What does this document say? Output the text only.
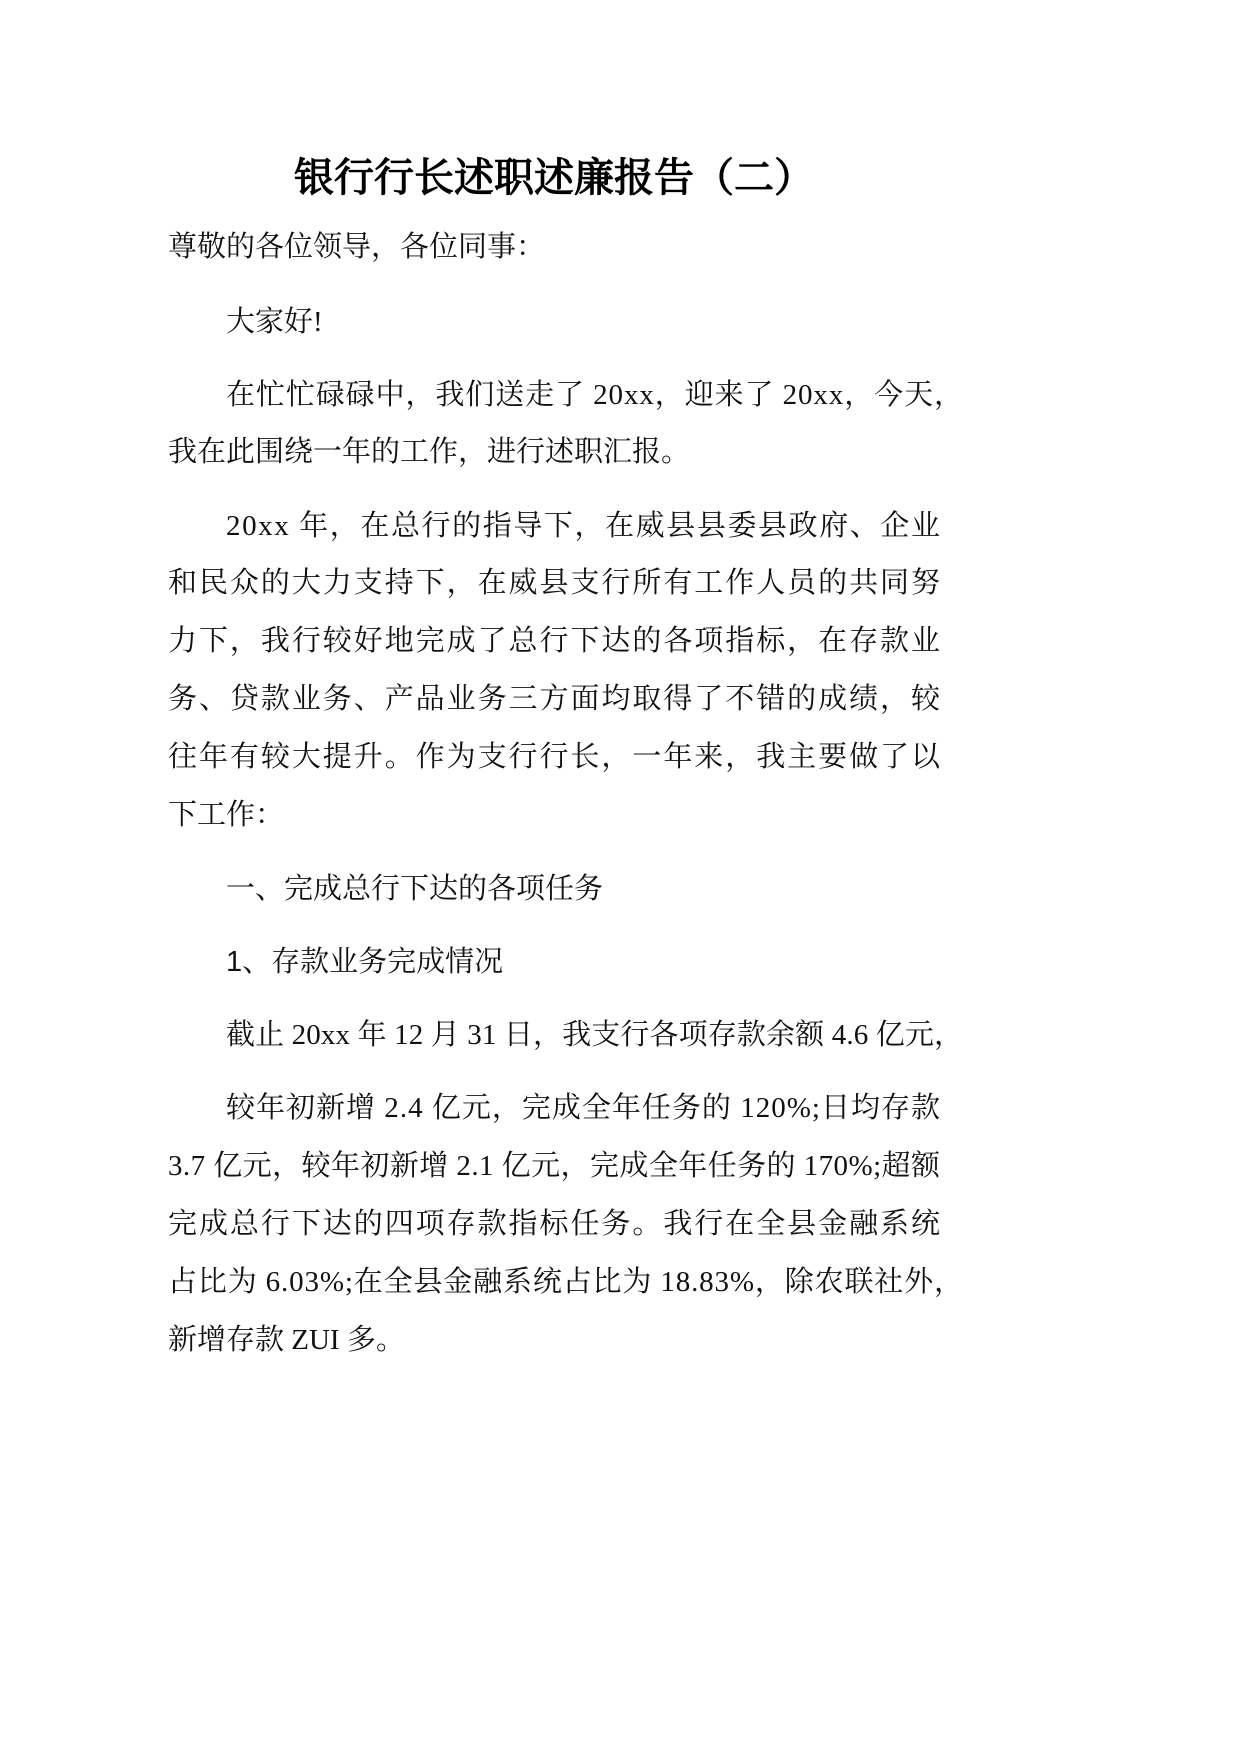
银行行长述职述廉报告（二）
尊敬的各位领导，各位同事：
大家好!
在忙忙碌碌中，我们送走了 20xx，迎来了 20xx，今天，
我在此围绕一年的工作，进行述职汇报。
20xx 年，在总行的指导下，在威县县委县政府、企业
和民众的大力支持下，在威县支行所有工作人员的共同努
力下，我行较好地完成了总行下达的各项指标，在存款业
务、贷款业务、产品业务三方面均取得了不错的成绩，较
往年有较大提升。作为支行行长，一年来，我主要做了以
下工作：
一、完成总行下达的各项任务
1、存款业务完成情况
截止 20xx 年 12 月 31 日，我支行各项存款余额 4.6 亿元，
较年初新增 2.4 亿元，完成全年任务的 120%;日均存款
3.7 亿元，较年初新增 2.1 亿元，完成全年任务的 170%;超额
完成总行下达的四项存款指标任务。我行在全县金融系统
占比为 6.03%;在全县金融系统占比为 18.83%，除农联社外，
新增存款 ZUI 多。
